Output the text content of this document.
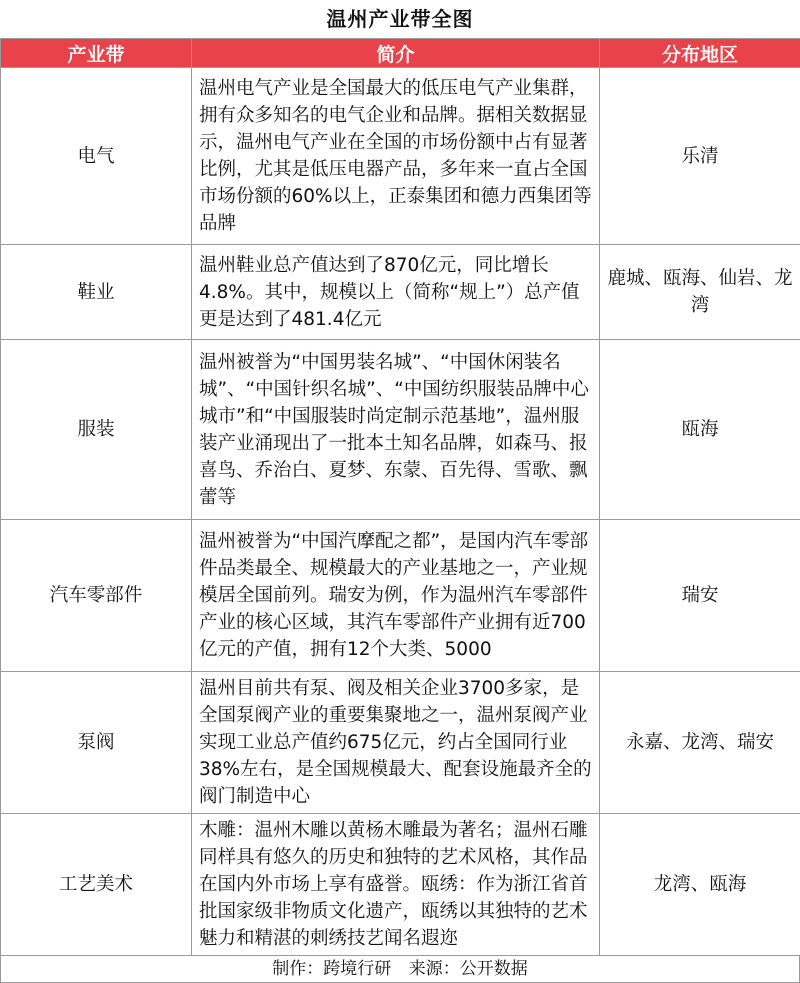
温州产业带全图
产业带	简介	分布地区
电气	温州电气产业是全国最大的低压电气产业集群，拥有众多知名的电气企业和品牌。据相关数据显示，温州电气产业在全国的市场份额中占有显著比例，尤其是低压电器产品，多年来一直占全国市场份额的60%以上，正泰集团和德力西集团等品牌	乐清
鞋业	温州鞋业总产值达到了870亿元，同比增长4.8%。其中，规模以上（简称“规上”）总产值更是达到了481.4亿元	鹿城、瓯海、仙岩、龙湾
服装	温州被誉为“中国男装名城”、“中国休闲装名城”、“中国针织名城”、“中国纺织服装品牌中心城市”和“中国服装时尚定制示范基地”，温州服装产业涌现出了一批本土知名品牌，如森马、报喜鸟、乔治白、夏梦、东蒙、百先得、雪歌、飘蕾等	瓯海
汽车零部件	温州被誉为“中国汽摩配之都”，是国内汽车零部件品类最全、规模最大的产业基地之一，产业规模居全国前列。瑞安为例，作为温州汽车零部件产业的核心区域，其汽车零部件产业拥有近700亿元的产值，拥有12个大类、5000	瑞安
泵阀	温州目前共有泵、阀及相关企业3700多家，是全国泵阀产业的重要集聚地之一，温州泵阀产业实现工业总产值约675亿元，约占全国同行业38%左右，是全国规模最大、配套设施最齐全的阀门制造中心	永嘉、龙湾、瑞安
工艺美术	木雕：温州木雕以黄杨木雕最为著名；温州石雕同样具有悠久的历史和独特的艺术风格，其作品在国内外市场上享有盛誉。瓯绣：作为浙江省首批国家级非物质文化遗产，瓯绣以其独特的艺术魅力和精湛的刺绣技艺闻名遐迩	龙湾、瓯海
制作：跨境行研 来源：公开数据
